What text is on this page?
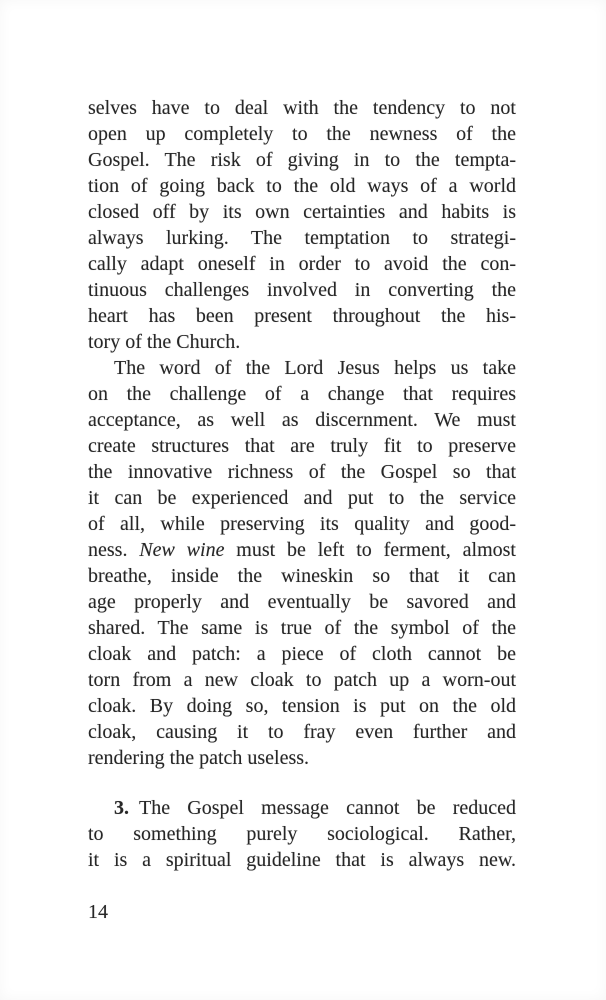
selves have to deal with the tendency to not
open up completely to the newness of the
Gospel. The risk of giving in to the tempta-
tion of going back to the old ways of a world
closed off by its own certainties and habits is
always lurking. The temptation to strategi-
cally adapt oneself in order to avoid the con-
tinuous challenges involved in converting the
heart has been present throughout the his-
tory of the Church.
The word of the Lord Jesus helps us take
on the challenge of a change that requires
acceptance, as well as discernment. We must
create structures that are truly fit to preserve
the innovative richness of the Gospel so that
it can be experienced and put to the service
of all, while preserving its quality and good-
ness. New wine must be left to ferment, almost
breathe, inside the wineskin so that it can
age properly and eventually be savored and
shared. The same is true of the symbol of the
cloak and patch: a piece of cloth cannot be
torn from a new cloak to patch up a worn-out
cloak. By doing so, tension is put on the old
cloak, causing it to fray even further and
rendering the patch useless.
3. The Gospel message cannot be reduced
to something purely sociological. Rather,
it is a spiritual guideline that is always new.
14
